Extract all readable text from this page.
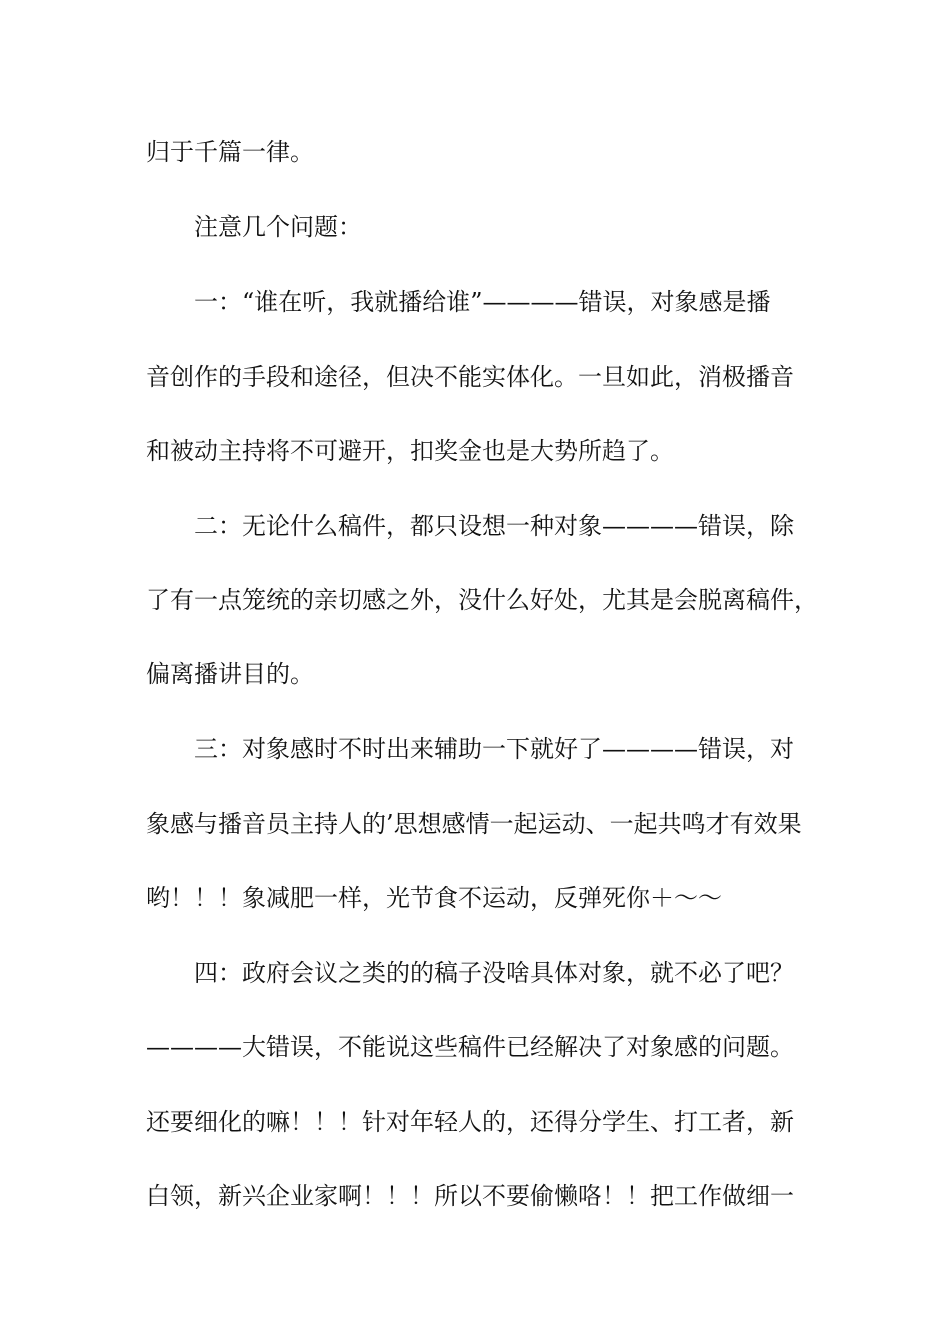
归于千篇一律。
注意几个问题：
一：“谁在听，我就播给谁”————错误，对象感是播
音创作的手段和途径，但决不能实体化。一旦如此，消极播音
和被动主持将不可避开，扣奖金也是大势所趋了。
二：无论什么稿件，都只设想一种对象————错误，除
了有一点笼统的亲切感之外，没什么好处，尤其是会脱离稿件，
偏离播讲目的。
三：对象感时不时出来辅助一下就好了————错误，对
象感与播音员主持人的’思想感情一起运动、一起共鸣才有效果
哟！！！象减肥一样，光节食不运动，反弹死你＋～～
四：政府会议之类的的稿子没啥具体对象，就不必了吧？
————大错误，不能说这些稿件已经解决了对象感的问题。
还要细化的嘛！！！针对年轻人的，还得分学生、打工者，新
白领，新兴企业家啊！！！所以不要偷懒咯！！把工作做细一
